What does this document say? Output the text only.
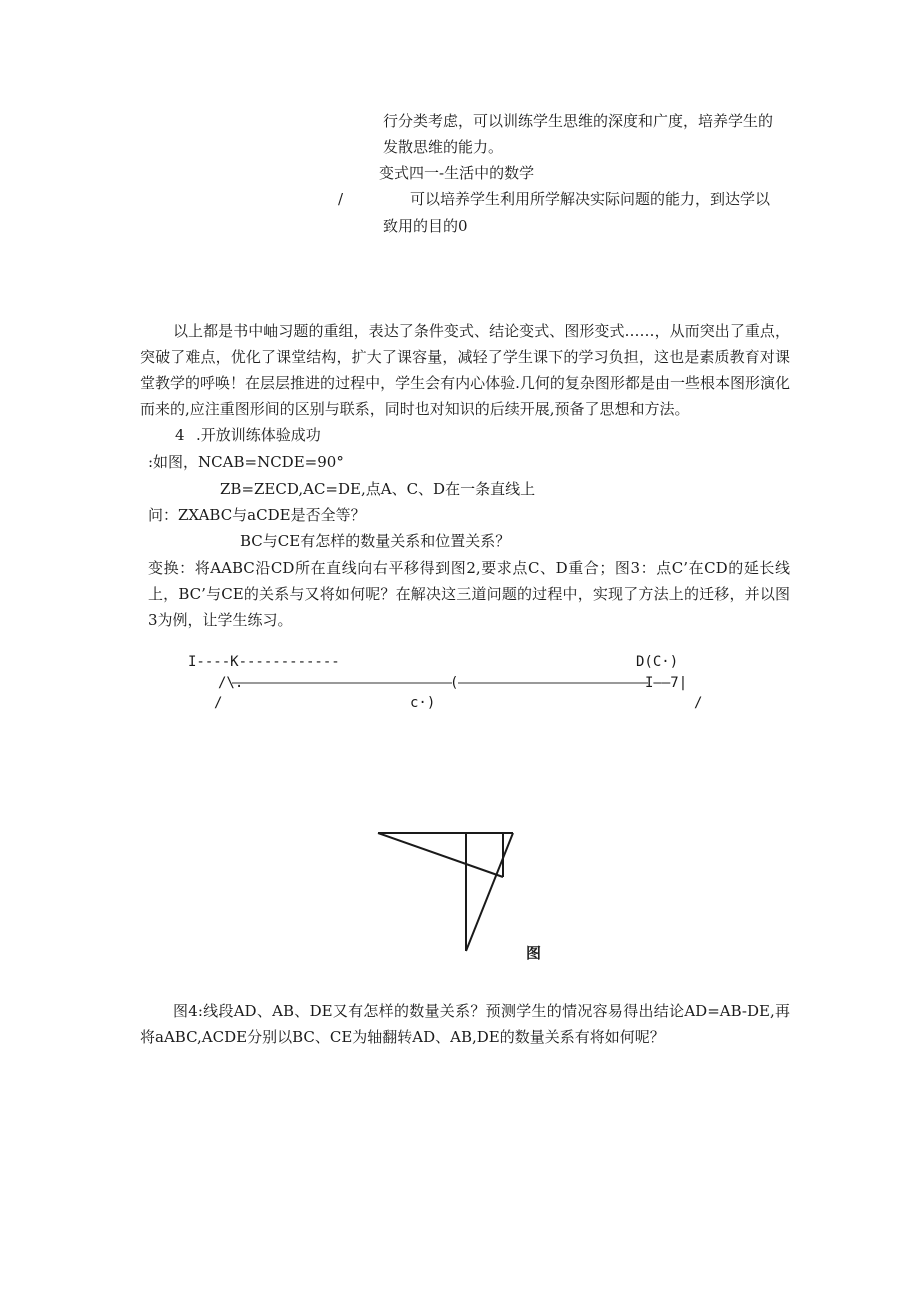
行分类考虑，可以训练学生思维的深度和广度，培养学生的
发散思维的能力。
变式四一-生活中的数学
/	可以培养学生利用所学解决实际问题的能力，到达学以
致用的目的0
以上都是书中岫习题的重组，表达了条件变式、结论变式、图形变式……，从而突出了重点，突破了难点，优化了课堂结构，扩大了课容量，减轻了学生课下的学习负担，这也是素质教育对课堂教学的呼唤！在层层推进的过程中，学生会有内心体验.几何的复杂图形都是由一些根本图形演化而来的,应注重图形间的区别与联系，同时也对知识的后续开展,预备了思想和方法。
4 .开放训练体验成功
:如图，NCAB=NCDE=90°
ZB=ZECD,AC=DE,点A、C、D在一条直线上
问：ZXABC与aCDE是否全等？
BC与CE有怎样的数量关系和位置关系？
变换：将AABC沿CD所在直线向右平移得到图2,要求点C、D重合；图3：点C’在CD的延长线上，BC’与CE的关系与又将如何呢？在解决这三道问题的过程中，实现了方法上的迁移，并以图3为例，让学生练习。
I----K------------	D(C·)
/\.	(	I——7|
/	c·)	/
图
图4:线段AD、AB、DE又有怎样的数量关系？预测学生的情况容易得出结论AD=AB-DE,再将aABC,ACDE分别以BC、CE为轴翻转AD、AB,DE的数量关系有将如何呢？
